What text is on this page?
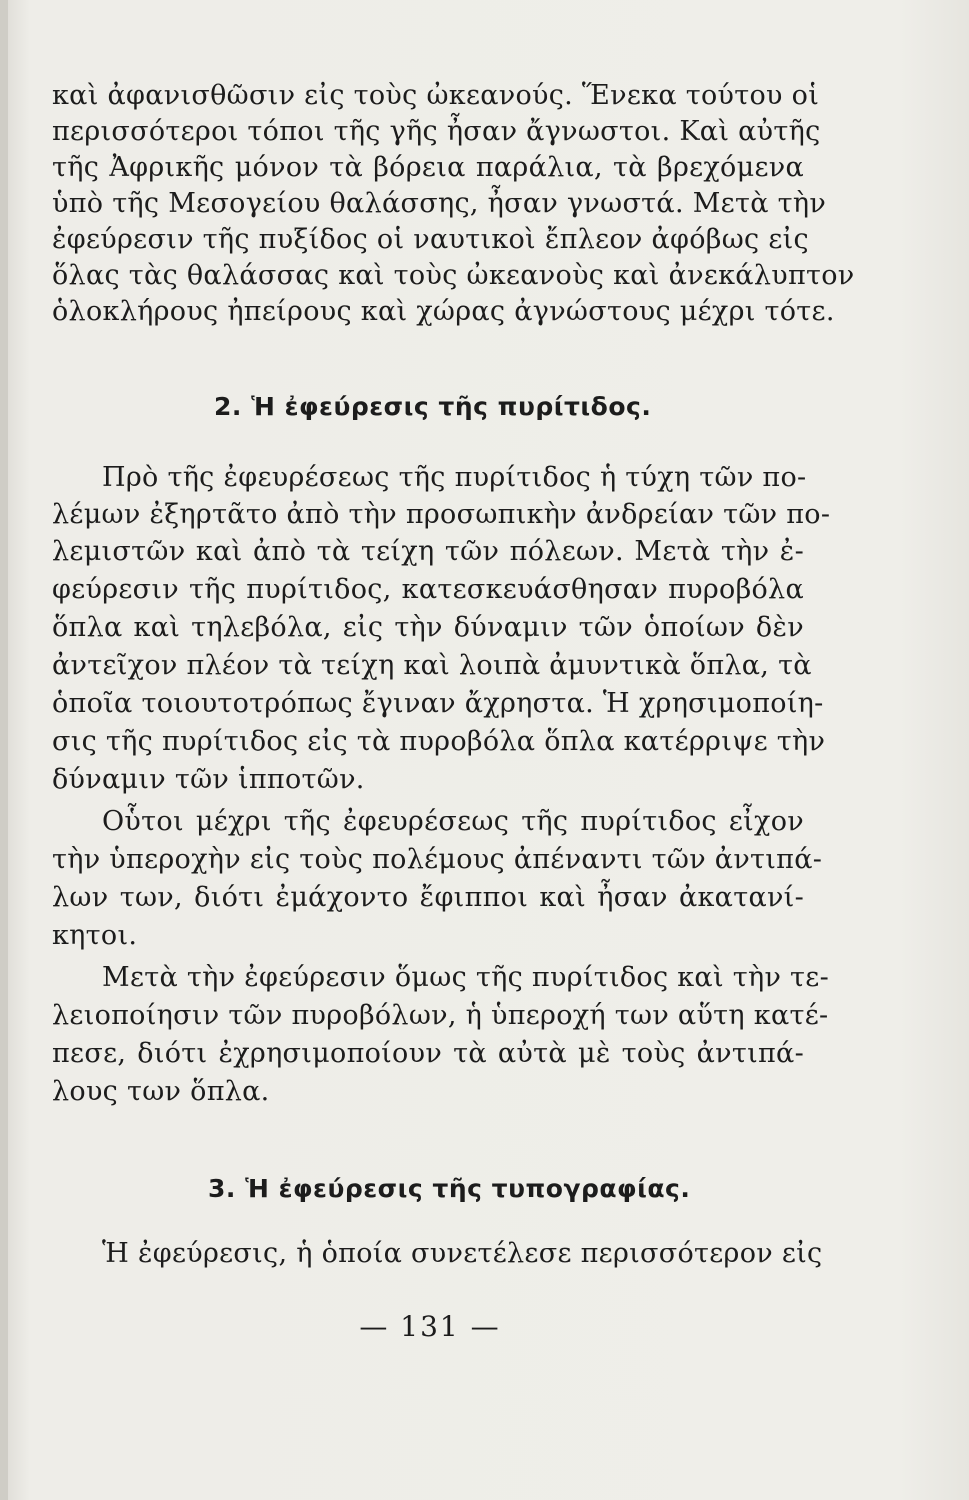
καὶ ἀφανισθῶσιν εἰς τοὺς ὠκεανούς. Ἕνεκα τούτου οἱ
περισσότεροι τόποι τῆς γῆς ἦσαν ἄγνωστοι. Καὶ αὐτῆς
τῆς Ἀφρικῆς μόνον τὰ βόρεια παράλια, τὰ βρεχόμενα
ὑπὸ τῆς Μεσογείου θαλάσσης, ἦσαν γνωστά. Μετὰ τὴν
ἐφεύρεσιν τῆς πυξίδος οἱ ναυτικοὶ ἔπλεον ἀφόβως εἰς
ὅλας τὰς θαλάσσας καὶ τοὺς ὠκεανοὺς καὶ ἀνεκάλυπτον
ὁλοκλήρους ἠπείρους καὶ χώρας ἀγνώστους μέχρι τότε.
2. Ἡ ἐφεύρεσις τῆς πυρίτιδος.
Πρὸ τῆς ἐφευρέσεως τῆς πυρίτιδος ἡ τύχη τῶν πο-
λέμων ἐξηρτᾶτο ἀπὸ τὴν προσωπικὴν ἀνδρείαν τῶν πο-
λεμιστῶν καὶ ἀπὸ τὰ τείχη τῶν πόλεων. Μετὰ τὴν ἐ-
φεύρεσιν τῆς πυρίτιδος, κατεσκευάσθησαν πυροβόλα
ὅπλα καὶ τηλεβόλα, εἰς τὴν δύναμιν τῶν ὁποίων δὲν
ἀντεῖχον πλέον τὰ τείχη καὶ λοιπὰ ἀμυντικὰ ὅπλα, τὰ
ὁποῖα τοιουτοτρόπως ἔγιναν ἄχρηστα. Ἡ χρησιμοποίη-
σις τῆς πυρίτιδος εἰς τὰ πυροβόλα ὅπλα κατέρριψε τὴν
δύναμιν τῶν ἱπποτῶν.
Οὗτοι μέχρι τῆς ἐφευρέσεως τῆς πυρίτιδος εἶχον
τὴν ὑπεροχὴν εἰς τοὺς πολέμους ἀπέναντι τῶν ἀντιπά-
λων των, διότι ἐμάχοντο ἔφιπποι καὶ ἦσαν ἀκατανί-
κητοι.
Μετὰ τὴν ἐφεύρεσιν ὅμως τῆς πυρίτιδος καὶ τὴν τε-
λειοποίησιν τῶν πυροβόλων, ἡ ὑπεροχή των αὕτη κατέ-
πεσε, διότι ἐχρησιμοποίουν τὰ αὐτὰ μὲ τοὺς ἀντιπά-
λους των ὅπλα.
3. Ἡ ἐφεύρεσις τῆς τυπογραφίας.
Ἡ ἐφεύρεσις, ἡ ὁποία συνετέλεσε περισσότερον εἰς
— 131 —
